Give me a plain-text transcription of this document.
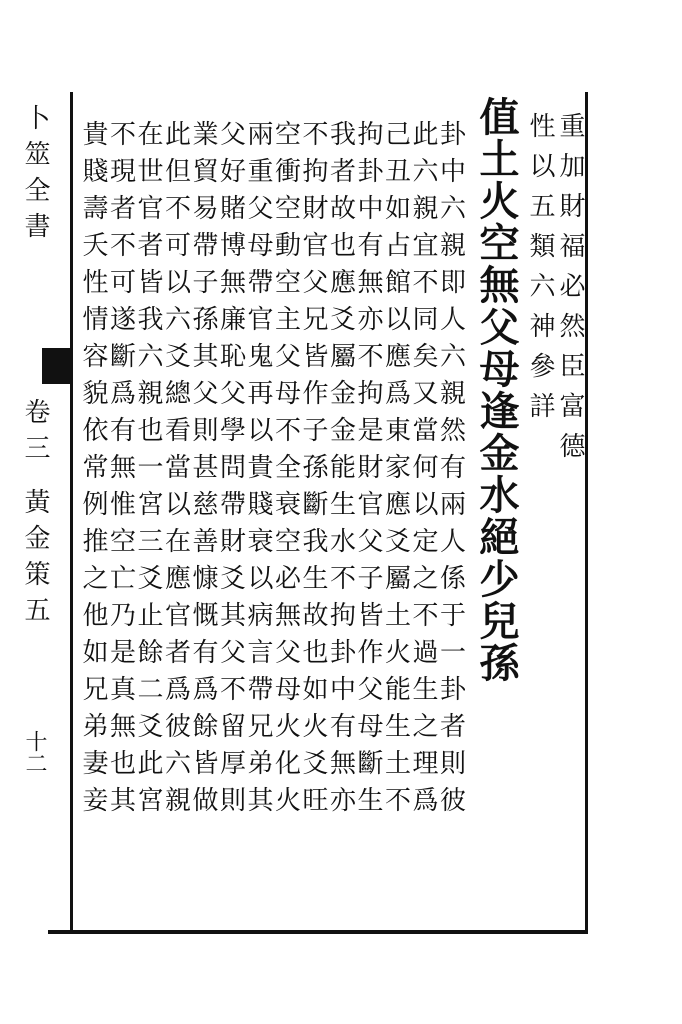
重加財福必然臣富德
性以五類六神參詳
值土火空無父母逢金水絕少兒孫
卦中六親即人六親然有兩人係于一卦者則彼
此六親宜不同矣又當何以定之不過生之理爲
己丑如占館以應爲東家應爻屬土火能生土不
拘卦中有無亦不拘是財官父子皆作父母斷生
我者故也應爻屬金金能生水不拘卦中有無亦
不拘財官父兄皆作子孫斷我生故也如火爻旺
空衝空動空主父母不全衰空必無父母火化火
兩重父母帶官鬼再以貴賤衰以病言帶兄弟其
父好賭博無廉恥父學問帶財爻其父不留厚則
業貿易帶子孫其父則甚慈善慷慨有爲餘皆做
此但不可以六爻總看當以在應官者爲彼六親
在世官者皆我六親也一宮三爻止餘二爻此宮
不現者不可遂斷爲有無惟空亡乃是真無也其
貴賤壽夭性情容貌依常例推之他如兄弟妻妾
卜筮全書
卷三 黃金策五
十二
